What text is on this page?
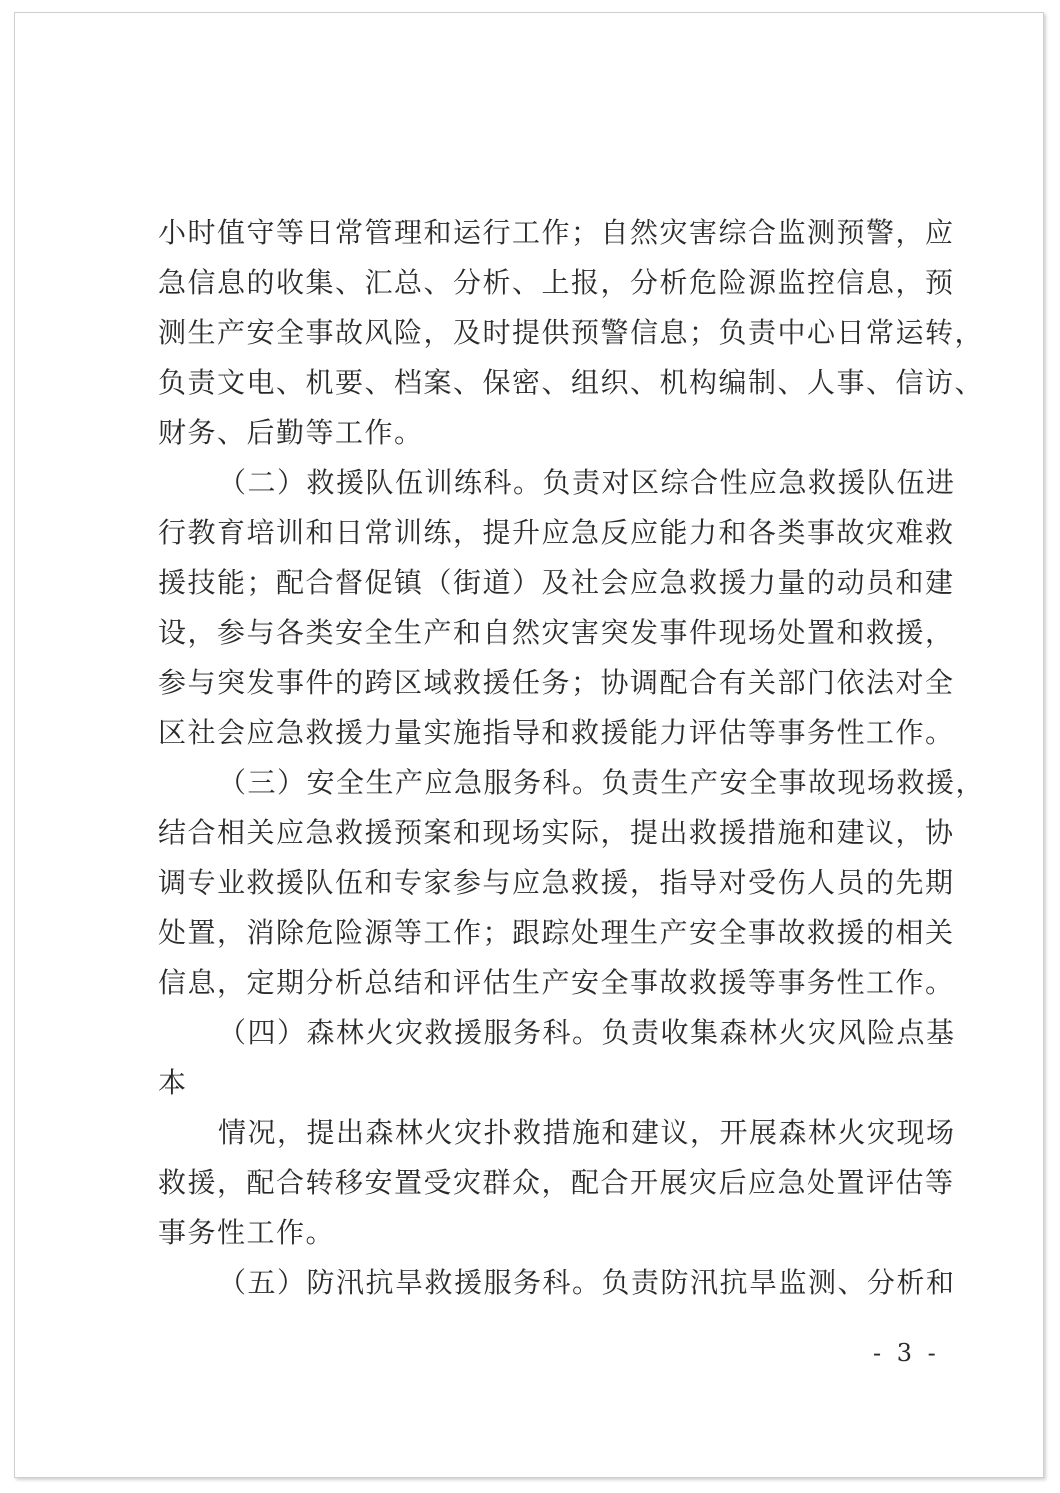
小时值守等日常管理和运行工作；自然灾害综合监测预警，应
急信息的收集、汇总、分析、上报，分析危险源监控信息，预
测生产安全事故风险，及时提供预警信息；负责中心日常运转，
负责文电、机要、档案、保密、组织、机构编制、人事、信访、
财务、后勤等工作。
（二）救援队伍训练科。负责对区综合性应急救援队伍进
行教育培训和日常训练，提升应急反应能力和各类事故灾难救
援技能；配合督促镇（街道）及社会应急救援力量的动员和建
设，参与各类安全生产和自然灾害突发事件现场处置和救援，
参与突发事件的跨区域救援任务；协调配合有关部门依法对全
区社会应急救援力量实施指导和救援能力评估等事务性工作。
（三）安全生产应急服务科。负责生产安全事故现场救援，
结合相关应急救援预案和现场实际，提出救援措施和建议，协
调专业救援队伍和专家参与应急救援，指导对受伤人员的先期
处置，消除危险源等工作；跟踪处理生产安全事故救援的相关
信息，定期分析总结和评估生产安全事故救援等事务性工作。
（四）森林火灾救援服务科。负责收集森林火灾风险点基
本
情况，提出森林火灾扑救措施和建议，开展森林火灾现场
救援，配合转移安置受灾群众，配合开展灾后应急处置评估等
事务性工作。
（五）防汛抗旱救援服务科。负责防汛抗旱监测、分析和
- 3 -
